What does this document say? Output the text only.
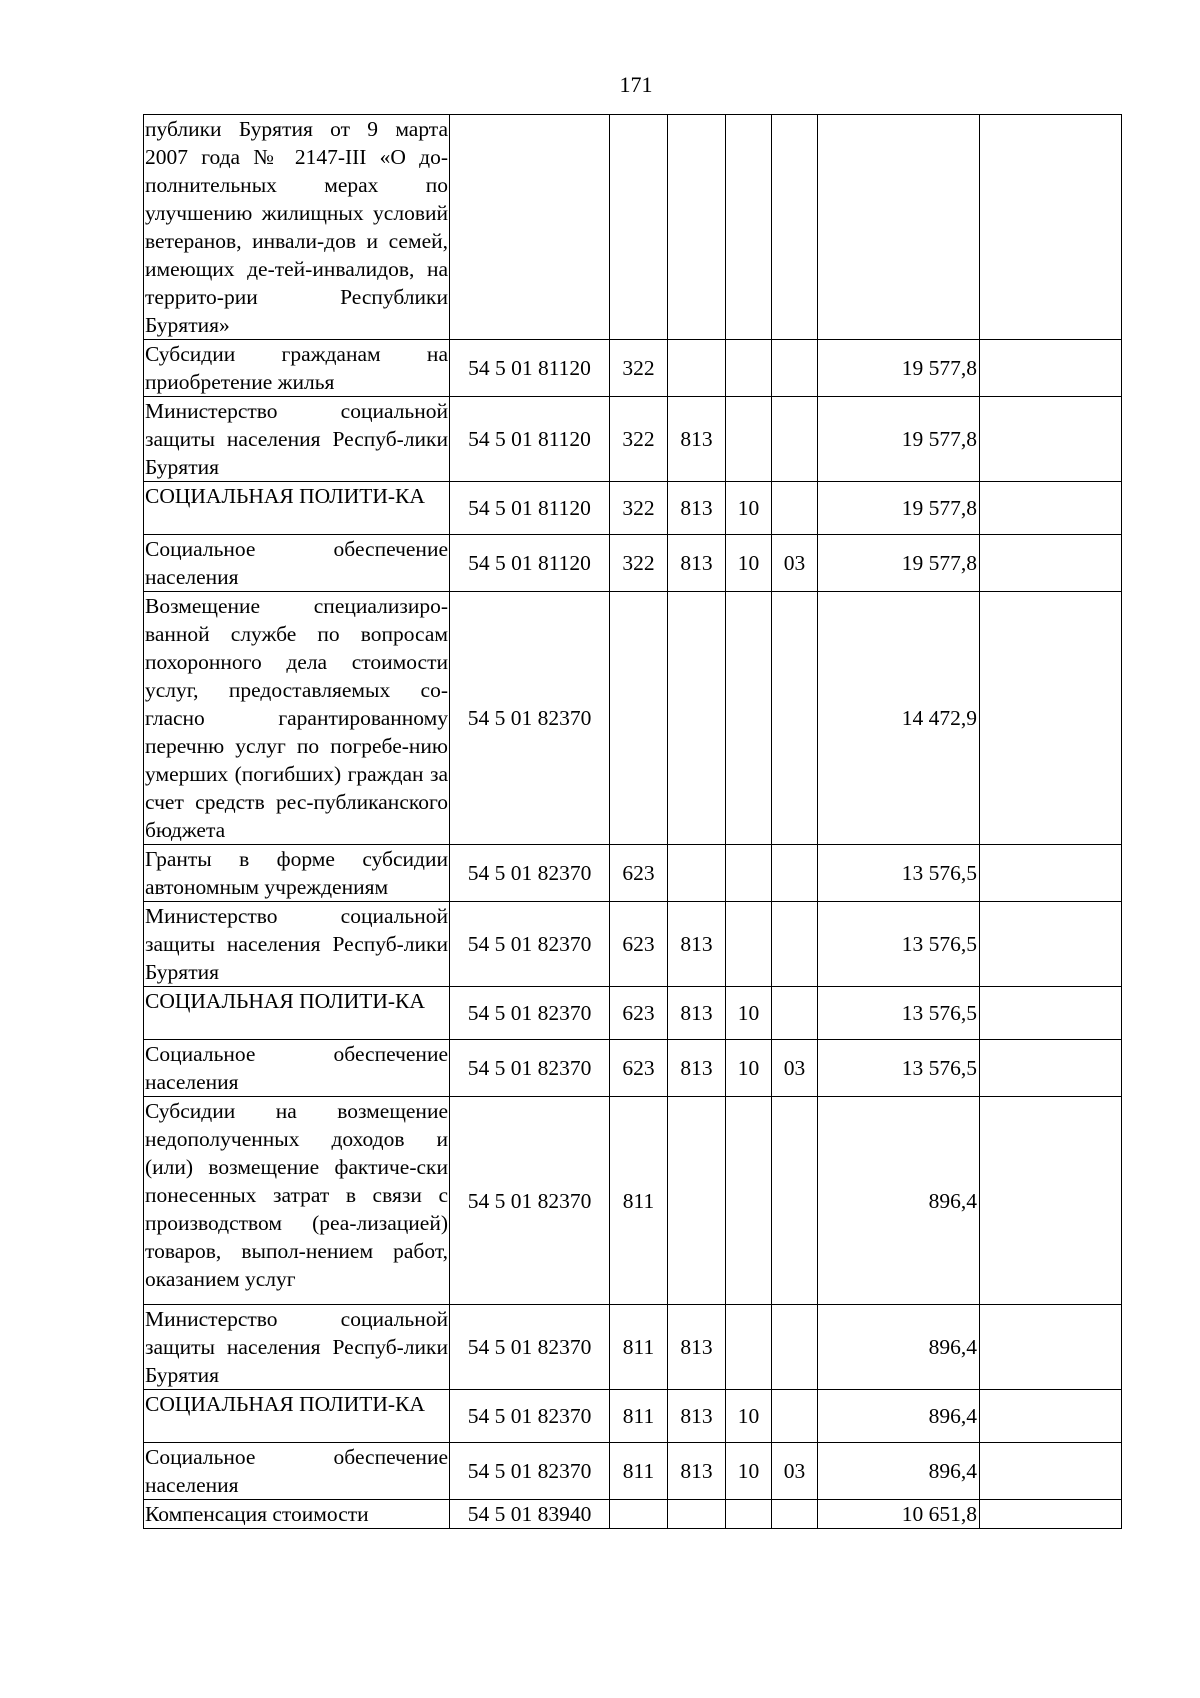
171
публики Бурятия от 9 марта 2007 года № 2147-III «О до-полнительных мерах по улучшению жилищных условий ветеранов, инвали-дов и семей, имеющих де-тей-инвалидов, на террито-рии Республики Бурятия»							
Субсидии гражданам на приобретение жилья	54 5 01 81120	322				19 577,8	
Министерство социальной защиты населения Респуб-лики Бурятия	54 5 01 81120	322	813			19 577,8	
СОЦИАЛЬНАЯ ПОЛИТИ-КА	54 5 01 81120	322	813	10		19 577,8	
Социальное обеспечение населения	54 5 01 81120	322	813	10	03	19 577,8	
Возмещение специализиро-ванной службе по вопросам похоронного дела стоимости услуг, предоставляемых со-гласно гарантированному перечню услуг по погребе-нию умерших (погибших) граждан за счет средств рес-публиканского бюджета	54 5 01 82370					14 472,9	
Гранты в форме субсидии автономным учреждениям	54 5 01 82370	623				13 576,5	
Министерство социальной защиты населения Респуб-лики Бурятия	54 5 01 82370	623	813			13 576,5	
СОЦИАЛЬНАЯ ПОЛИТИ-КА	54 5 01 82370	623	813	10		13 576,5	
Социальное обеспечение населения	54 5 01 82370	623	813	10	03	13 576,5	
Субсидии на возмещение недополученных доходов и (или) возмещение фактиче-ски понесенных затрат в связи с производством (реа-лизацией) товаров, выпол-нением работ, оказанием услуг	54 5 01 82370	811				896,4	
Министерство социальной защиты населения Респуб-лики Бурятия	54 5 01 82370	811	813			896,4	
СОЦИАЛЬНАЯ ПОЛИТИ-КА	54 5 01 82370	811	813	10		896,4	
Социальное обеспечение населения	54 5 01 82370	811	813	10	03	896,4	
Компенсация стоимости	54 5 01 83940					10 651,8	
